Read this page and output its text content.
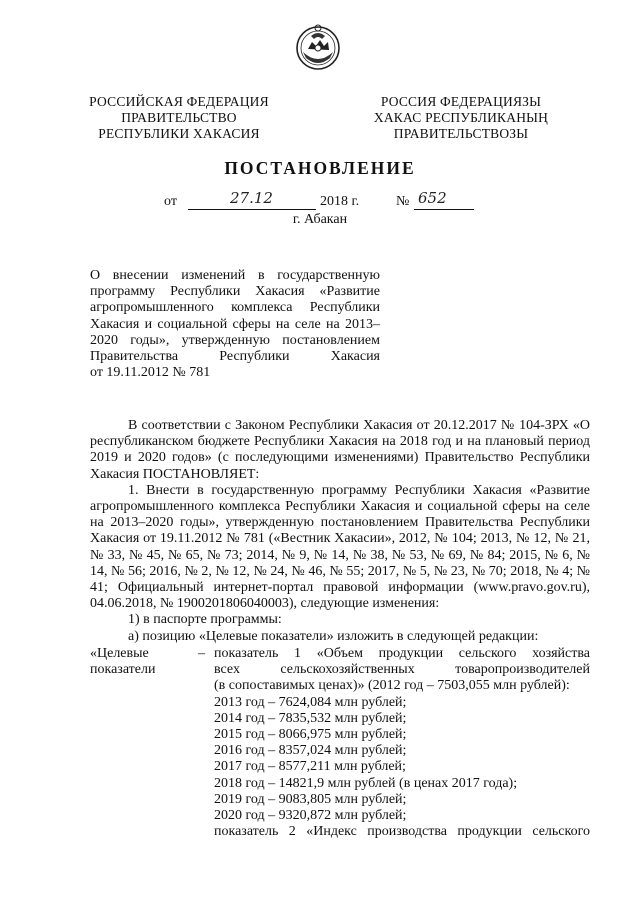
РОССИЙСКАЯ ФЕДЕРАЦИЯ
ПРАВИТЕЛЬСТВО
РЕСПУБЛИКИ ХАКАСИЯ
РОССИЯ ФЕДЕРАЦИЯЗЫ
ХАКАС РЕСПУБЛИКАНЫҢ
ПРАВИТЕЛЬСТВОЗЫ
ПОСТАНОВЛЕНИЕ
от	27.12	2018 г.	№ 652
г. Абакан
О внесении изменений в государственную
программу Республики Хакасия «Развитие
агропромышленного комплекса Республики
Хакасия и социальной сферы на селе на 2013–
2020 годы», утвержденную постановлением
Правительства Республики Хакасия
от 19.11.2012 № 781

В соответствии с Законом Республики Хакасия от 20.12.2017 № 104-ЗРХ «О республиканском бюджете Республики Хакасия на 2018 год и на плановый период 2019 и 2020 годов» (с последующими изменениями) Правительство Республики Хакасия ПОСТАНОВЛЯЕТ:

1. Внести в государственную программу Республики Хакасия «Развитие агропромышленного комплекса Республики Хакасия и социальной сферы на селе на 2013–2020 годы», утвержденную постановлением Правительства Республики Хакасия от 19.11.2012 № 781 («Вестник Хакасии», 2012, № 104; 2013, № 12, № 21, № 33, № 45, № 65, № 73; 2014, № 9, № 14, № 38, № 53, № 69, № 84; 2015, № 6, № 14, № 56; 2016, № 2, № 12, № 24, № 46, № 55; 2017, № 5, № 23, № 70; 2018, № 4; № 41; Официальный интернет-портал правовой информации (www.pravo.gov.ru), 04.06.2018, № 1900201806040003), следующие изменения:

1) в паспорте программы:

а) позицию «Целевые показатели» изложить в следующей редакции:

«Целевые
показатели
– показатель 1 «Объем продукции сельского хозяйства
всех сельскохозяйственных товаропроизводителей
(в сопоставимых ценах)» (2012 год – 7503,055 млн рублей):
2013 год – 7624,084 млн рублей;
2014 год – 7835,532 млн рублей;
2015 год – 8066,975 млн рублей;
2016 год – 8357,024 млн рублей;
2017 год – 8577,211 млн рублей;
2018 год – 14821,9 млн рублей (в ценах 2017 года);
2019 год – 9083,805 млн рублей;
2020 год – 9320,872 млн рублей;
показатель 2 «Индекс производства продукции сельского
